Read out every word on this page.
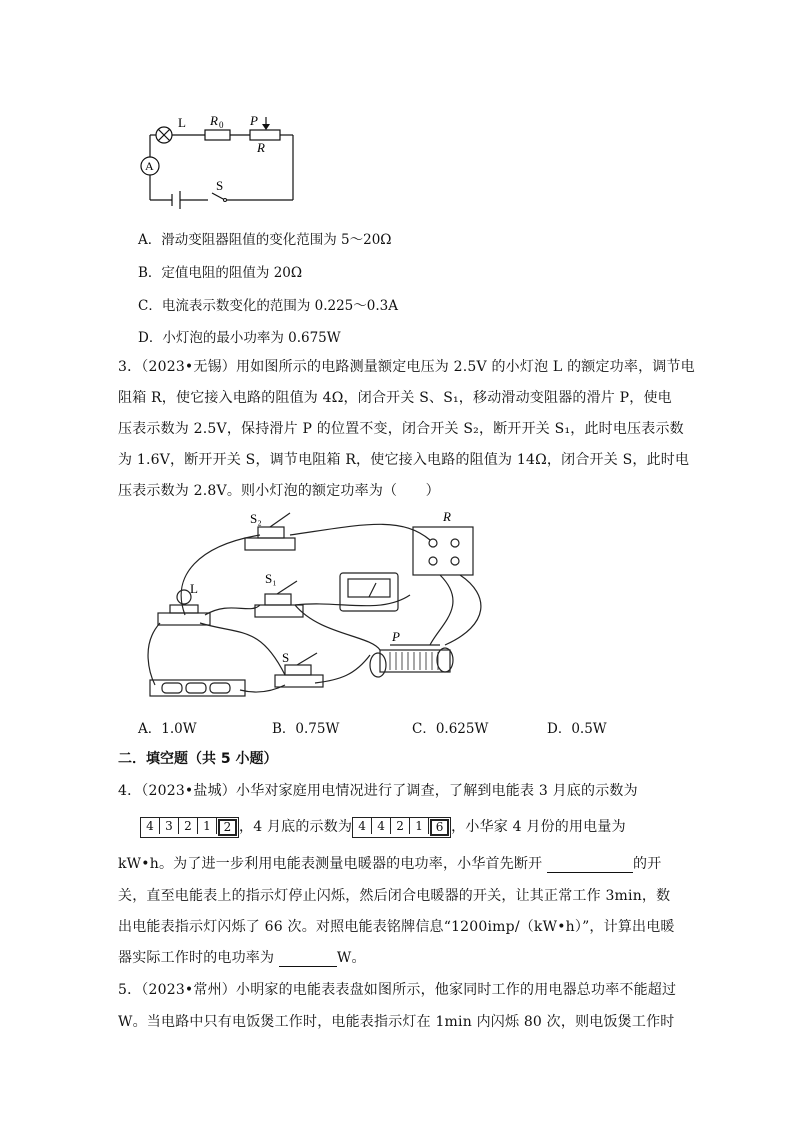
L R 0 P
R
A
S
A．滑动变阻器阻值的变化范围为 5～20Ω
B．定值电阻的阻值为 20Ω
C．电流表示数变化的范围为 0.225～0.3A
D．小灯泡的最小功率为 0.675W
3．（2023•无锡）用如图所示的电路测量额定电压为 2.5V 的小灯泡 L 的额定功率，调节电
阻箱 R，使它接入电路的阻值为 4Ω，闭合开关 S、S₁，移动滑动变阻器的滑片 P，使电
压表示数为 2.5V，保持滑片 P 的位置不变，闭合开关 S₂，断开开关 S₁，此时电压表示数
为 1.6V，断开开关 S，调节电阻箱 R，使它接入电路的阻值为 14Ω，闭合开关 S，此时电
压表示数为 2.8V。则小灯泡的额定功率为（　　）
S₂
S₁
S
L
R
P
A．1.0W	B．0.75W	C．0.625W	D．0.5W
二．填空题（共 5 小题）
4．（2023•盐城）小华对家庭用电情况进行了调查，了解到电能表 3 月底的示数为
4 3 2 1	2 ，4 月底的示数为 4 4 2 1	6 ，小华家 4 月份的用电量为
kW•h。为了进一步利用电能表测量电暖器的电功率，小华首先断开	的开
关，直至电能表上的指示灯停止闪烁，然后闭合电暖器的开关，让其正常工作 3min，数
出电能表指示灯闪烁了 66 次。对照电能表铭牌信息“1200imp/（kW•h）”，计算出电暖
器实际工作时的电功率为	W。
5．（2023•常州）小明家的电能表表盘如图所示，他家同时工作的用电器总功率不能超过
W。当电路中只有电饭煲工作时，电能表指示灯在 1min 内闪烁 80 次，则电饭煲工作时
